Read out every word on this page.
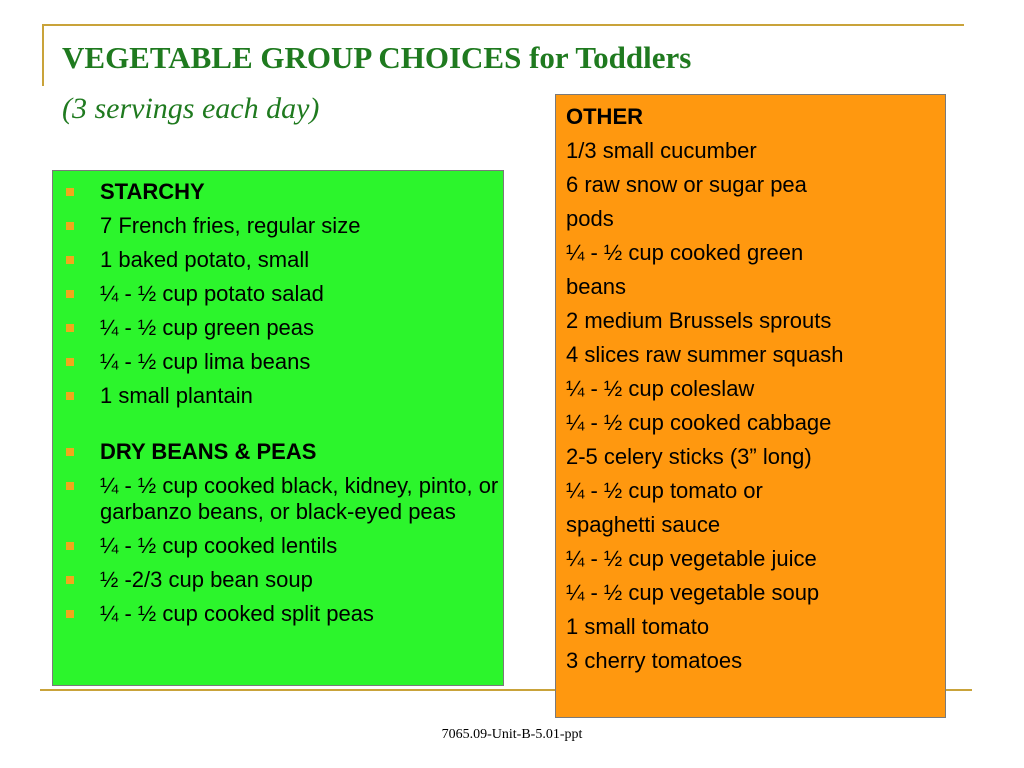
VEGETABLE GROUP CHOICES for Toddlers

(3 servings each day)

STARCHY
7 French fries, regular size
1 baked potato, small
¼ - ½ cup potato salad
¼ - ½ cup green peas
¼ - ½ cup lima beans
1 small plantain
DRY BEANS & PEAS
¼ - ½ cup cooked black, kidney, pinto, or garbanzo beans, or black-eyed peas
¼ - ½ cup cooked lentils
½ -2/3 cup bean soup
¼ - ½ cup cooked split peas
OTHER
1/3 small cucumber
6 raw snow or sugar pea
pods
¼ - ½ cup cooked green
beans
2 medium Brussels sprouts
4 slices raw summer squash
¼ - ½ cup coleslaw
¼ - ½ cup cooked cabbage
2-5 celery sticks (3” long)
¼ - ½ cup tomato or
spaghetti sauce
¼ - ½ cup vegetable juice
¼ - ½ cup vegetable soup
1 small tomato
3 cherry tomatoes
7065.09-Unit-B-5.01-ppt
